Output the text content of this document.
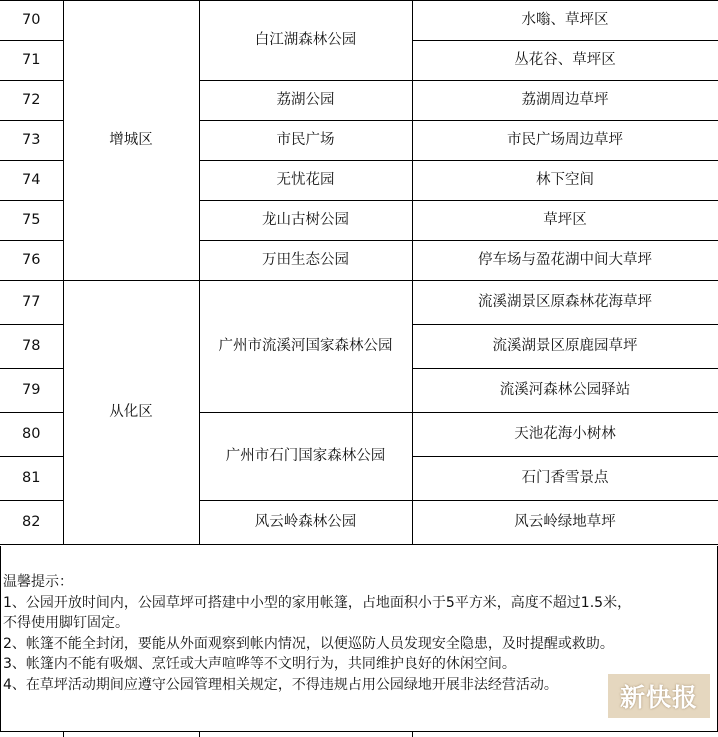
70	增城区	白江湖森林公园	水嗡、草坪区
71			丛花谷、草坪区
72		荔湖公园	荔湖周边草坪
73		市民广场	市民广场周边草坪
74		无忧花园	林下空间
75		龙山古树公园	草坪区
76		万田生态公园	停车场与盈花湖中间大草坪
77	从化区	广州市流溪河国家森林公园	流溪湖景区原森林花海草坪
78			流溪湖景区原鹿园草坪
79			流溪河森林公园驿站
80		广州市石门国家森林公园	天池花海小树林
81			石门香雪景点
82		风云岭森林公园	风云岭绿地草坪

温馨提示：

1、公园开放时间内，公园草坪可搭建中小型的家用帐篷，占地面积小于5平方米，高度不超过1.5米，

不得使用脚钉固定。

2、帐篷不能全封闭，要能从外面观察到帐内情况，以便巡防人员发现安全隐患，及时提醒或救助。

3、帐篷内不能有吸烟、烹饪或大声喧哗等不文明行为，共同维护良好的休闲空间。

4、在草坪活动期间应遵守公园管理相关规定，不得违规占用公园绿地开展非法经营活动。	新快报
